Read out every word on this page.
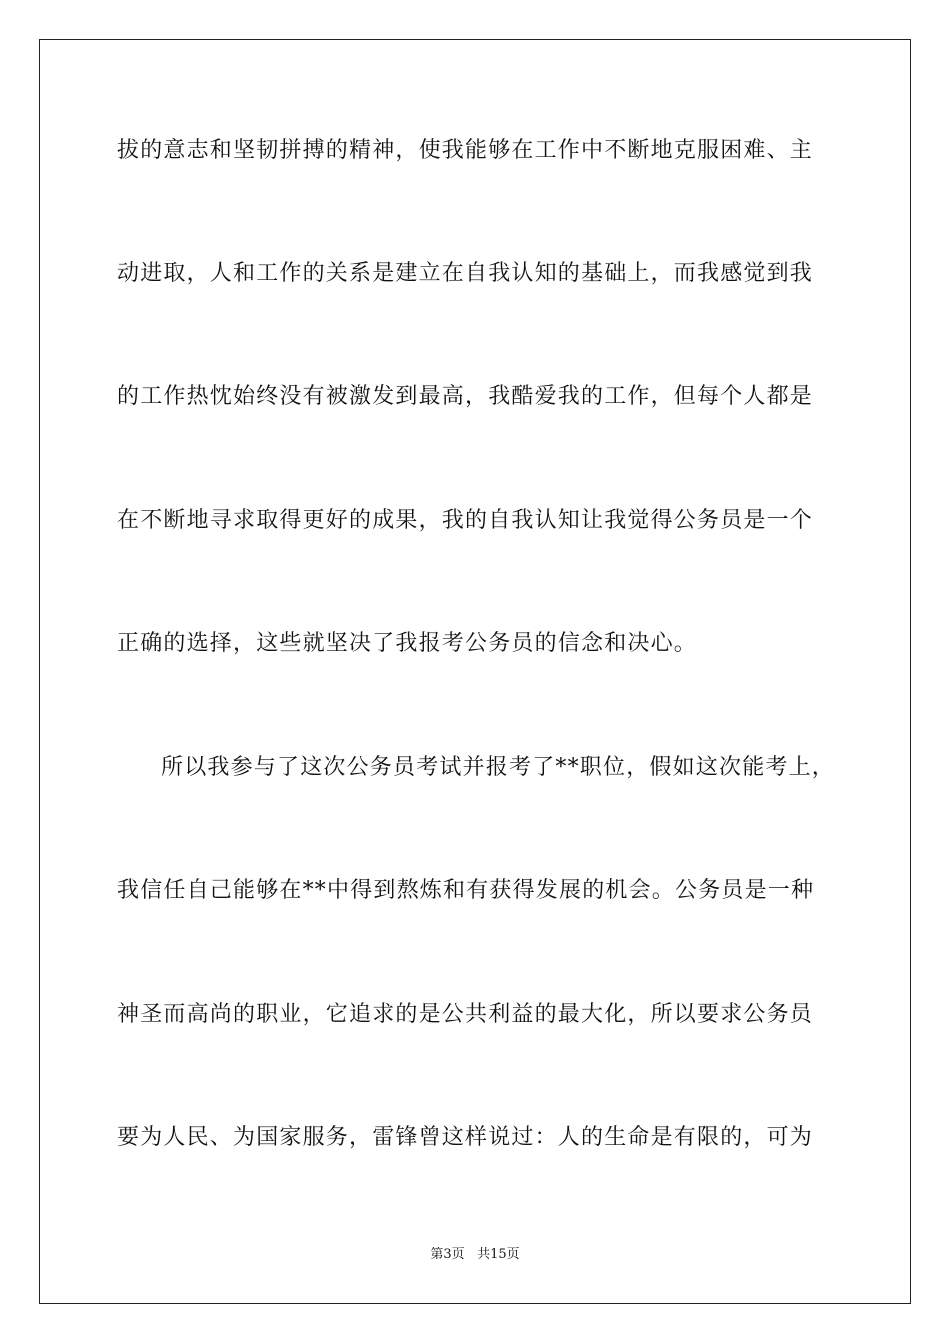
拔的意志和坚韧拼搏的精神，使我能够在工作中不断地克服困难、主
动进取，人和工作的关系是建立在自我认知的基础上，而我感觉到我
的工作热忱始终没有被激发到最高，我酷爱我的工作，但每个人都是
在不断地寻求取得更好的成果，我的自我认知让我觉得公务员是一个
正确的选择，这些就坚决了我报考公务员的信念和决心。
所以我参与了这次公务员考试并报考了**职位，假如这次能考上，
我信任自己能够在**中得到熬炼和有获得发展的机会。公务员是一种
神圣而高尚的职业，它追求的是公共利益的最大化，所以要求公务员
要为人民、为国家服务，雷锋曾这样说过：人的生命是有限的，可为
第3页 共15页
